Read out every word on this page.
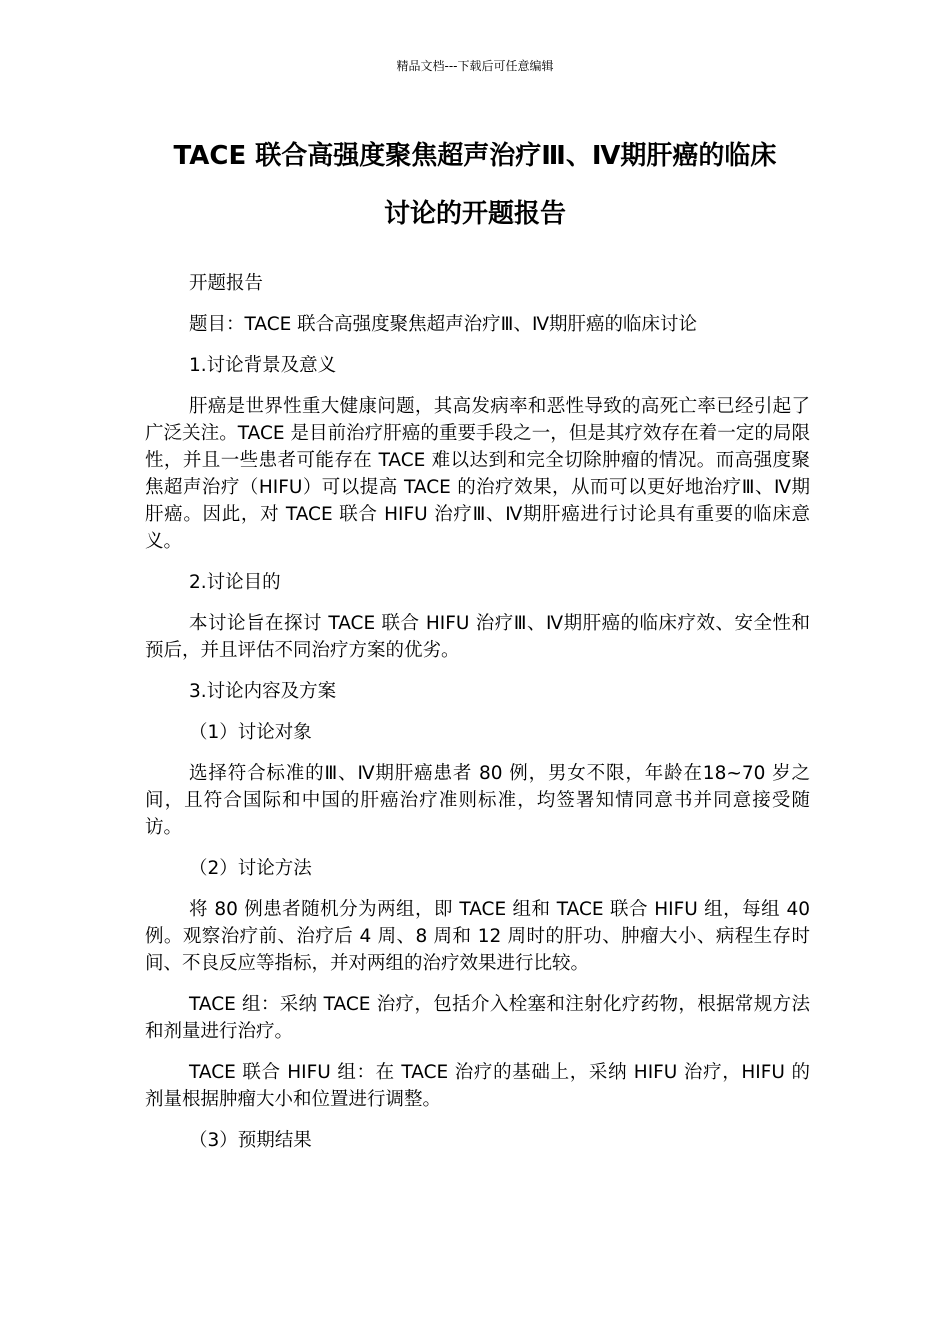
精品文档---下载后可任意编辑
TACE 联合高强度聚焦超声治疗Ⅲ、Ⅳ期肝癌的临床
讨论的开题报告

开题报告

题目：TACE 联合高强度聚焦超声治疗Ⅲ、Ⅳ期肝癌的临床讨论

1.讨论背景及意义

肝癌是世界性重大健康问题，其高发病率和恶性导致的高死亡率已经引起了广泛关注。TACE 是目前治疗肝癌的重要手段之一，但是其疗效存在着一定的局限性，并且一些患者可能存在 TACE 难以达到和完全切除肿瘤的情况。而高强度聚焦超声治疗（HIFU）可以提高 TACE 的治疗效果，从而可以更好地治疗Ⅲ、Ⅳ期肝癌。因此，对 TACE 联合 HIFU 治疗Ⅲ、Ⅳ期肝癌进行讨论具有重要的临床意义。

2.讨论目的

本讨论旨在探讨 TACE 联合 HIFU 治疗Ⅲ、Ⅳ期肝癌的临床疗效、安全性和预后，并且评估不同治疗方案的优劣。

3.讨论内容及方案

（1）讨论对象

选择符合标准的Ⅲ、Ⅳ期肝癌患者 80 例，男女不限，年龄在18~70 岁之间，且符合国际和中国的肝癌治疗准则标准，均签署知情同意书并同意接受随访。

（2）讨论方法

将 80 例患者随机分为两组，即 TACE 组和 TACE 联合 HIFU 组，每组 40 例。观察治疗前、治疗后 4 周、8 周和 12 周时的肝功、肿瘤大小、病程生存时间、不良反应等指标，并对两组的治疗效果进行比较。

TACE 组：采纳 TACE 治疗，包括介入栓塞和注射化疗药物，根据常规方法和剂量进行治疗。

TACE 联合 HIFU 组：在 TACE 治疗的基础上，采纳 HIFU 治疗，HIFU 的剂量根据肿瘤大小和位置进行调整。

（3）预期结果
